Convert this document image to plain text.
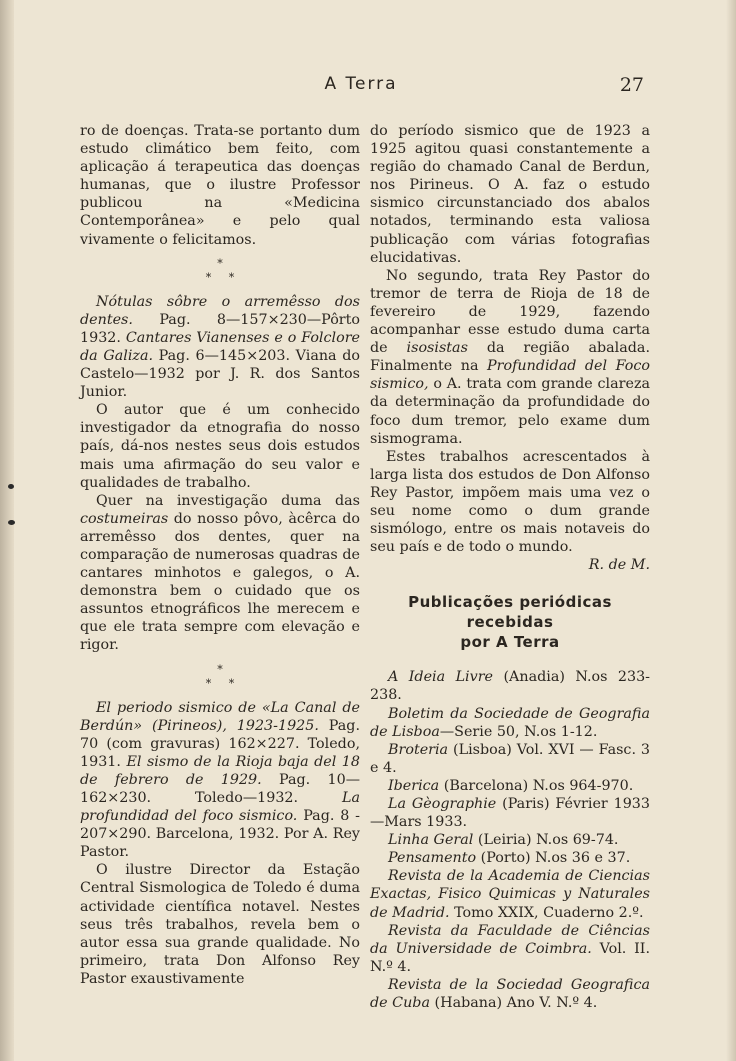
A Terra	27

ro de doenças. Trata-se portanto dum estudo climático bem feito, com aplicação á terapeutica das doenças humanas, que o ilustre Professor publicou na «Medicina Contemporânea» e pelo qual vivamente o felicitamos.

*
* *

Nótulas sôbre o arremêsso dos dentes. Pag. 8—157×230—Pôrto 1932. Cantares Vianenses e o Folclore da Galiza. Pag. 6—145×203. Viana do Castelo—1932 por J. R. dos Santos Junior.

O autor que é um conhecido investigador da etnografia do nosso país, dá-nos nestes seus dois estudos mais uma afirmação do seu valor e qualidades de trabalho.

Quer na investigação duma das costumeiras do nosso pôvo, àcêrca do arremêsso dos dentes, quer na comparação de numerosas quadras de cantares minhotos e galegos, o A. demonstra bem o cuidado que os assuntos etnográficos lhe merecem e que ele trata sempre com elevação e rigor.

*
* *

El periodo sismico de «La Canal de Berdún» (Pirineos), 1923-1925. Pag. 70 (com gravuras) 162×227. Toledo, 1931. El sismo de la Rioja baja del 18 de febrero de 1929. Pag. 10—162×230. Toledo—1932. La profundidad del foco sismico. Pag. 8 - 207×290. Barcelona, 1932. Por A. Rey Pastor.

O ilustre Director da Estação Central Sismologica de Toledo é duma actividade científica notavel. Nestes seus três trabalhos, revela bem o autor essa sua grande qualidade. No primeiro, trata Don Alfonso Rey Pastor exaustivamente

do período sismico que de 1923 a 1925 agitou quasi constantemente a região do chamado Canal de Berdun, nos Pirineus. O A. faz o estudo sismico circunstanciado dos abalos notados, terminando esta valiosa publicação com várias fotografias elucidativas.

No segundo, trata Rey Pastor do tremor de terra de Rioja de 18 de fevereiro de 1929, fazendo acompanhar esse estudo duma carta de isosistas da região abalada. Finalmente na Profundidad del Foco sismico, o A. trata com grande clareza da determinação da profundidade do foco dum tremor, pelo exame dum sismograma.

Estes trabalhos acrescentados à larga lista dos estudos de Don Alfonso Rey Pastor, impõem mais uma vez o seu nome como o dum grande sismólogo, entre os mais notaveis do seu país e de todo o mundo.

R. de M.

Publicações periódicas recebidas
por A Terra

A Ideia Livre (Anadia) N.os 233-238.

Boletim da Sociedade de Geografia de Lisboa—Serie 50, N.os 1-12.

Broteria (Lisboa) Vol. XVI — Fasc. 3 e 4.

Iberica (Barcelona) N.os 964-970.

La Gèographie (Paris) Février 1933—Mars 1933.

Linha Geral (Leiria) N.os 69-74.

Pensamento (Porto) N.os 36 e 37.

Revista de la Academia de Ciencias Exactas, Fisico Quimicas y Naturales de Madrid. Tomo XXIX, Cuaderno 2.º.

Revista da Faculdade de Ciências da Universidade de Coimbra. Vol. II. N.º 4.

Revista de la Sociedad Geografica de Cuba (Habana) Ano V. N.º 4.
